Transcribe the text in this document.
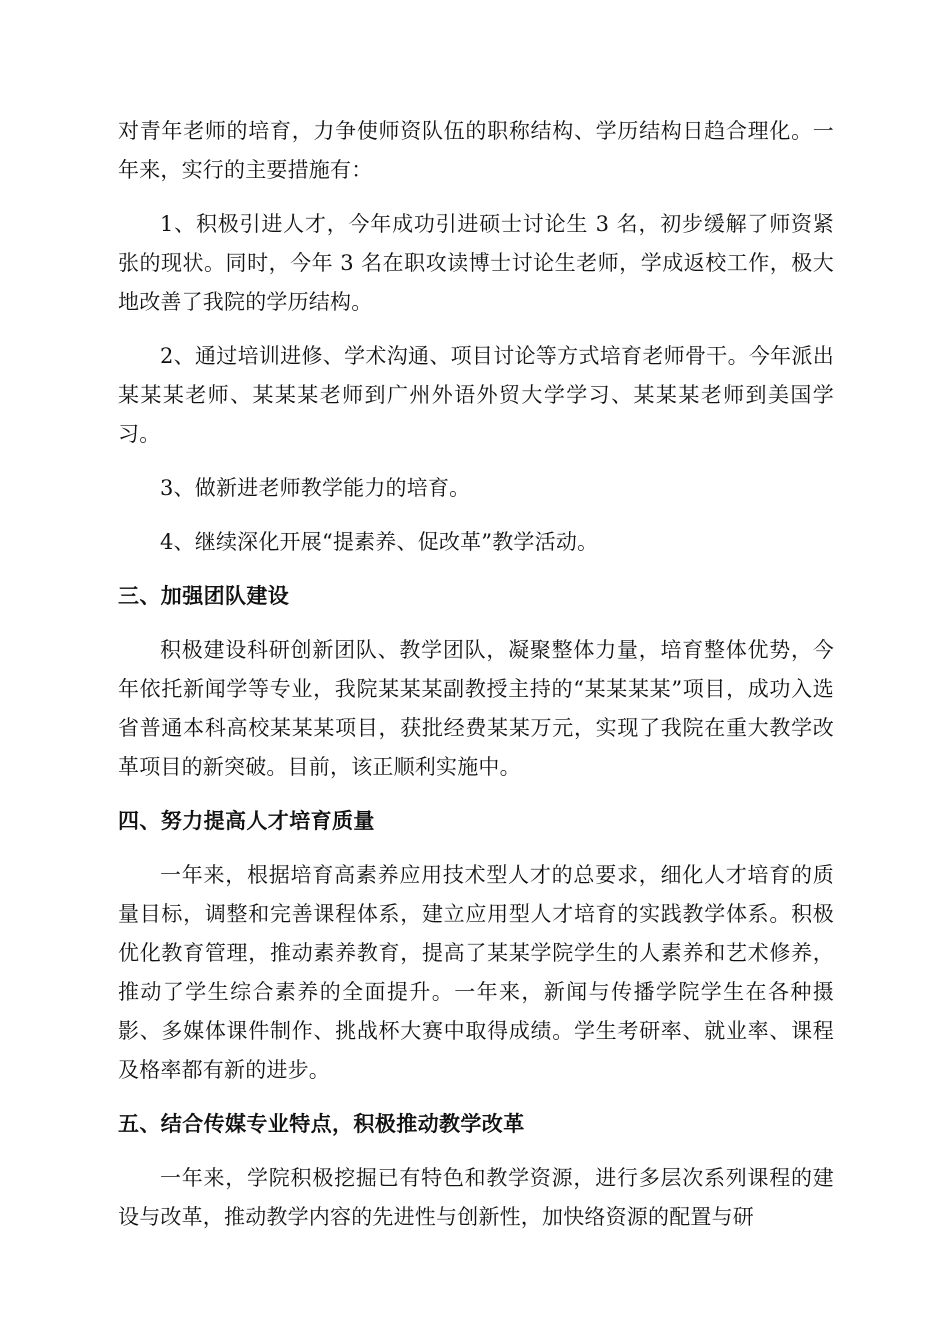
对青年老师的培育，力争使师资队伍的职称结构、学历结构日趋合理化。一年来，实行的主要措施有：

1、积极引进人才，今年成功引进硕士讨论生 3 名，初步缓解了师资紧张的现状。同时，今年 3 名在职攻读博士讨论生老师，学成返校工作，极大地改善了我院的学历结构。

2、通过培训进修、学术沟通、项目讨论等方式培育老师骨干。今年派出某某某老师、某某某老师到广州外语外贸大学学习、某某某老师到美国学习。

3、做新进老师教学能力的培育。

4、继续深化开展“提素养、促改革”教学活动。

三、加强团队建设

积极建设科研创新团队、教学团队，凝聚整体力量，培育整体优势，今年依托新闻学等专业，我院某某某副教授主持的“某某某某”项目，成功入选省普通本科高校某某某项目，获批经费某某万元，实现了我院在重大教学改革项目的新突破。目前，该正顺利实施中。

四、努力提高人才培育质量

一年来，根据培育高素养应用技术型人才的总要求，细化人才培育的质量目标，调整和完善课程体系，建立应用型人才培育的实践教学体系。积极优化教育管理，推动素养教育，提高了某某学院学生的人素养和艺术修养，推动了学生综合素养的全面提升。一年来，新闻与传播学院学生在各种摄影、多媒体课件制作、挑战杯大赛中取得成绩。学生考研率、就业率、课程及格率都有新的进步。

五、结合传媒专业特点，积极推动教学改革

一年来，学院积极挖掘已有特色和教学资源，进行多层次系列课程的建设与改革，推动教学内容的先进性与创新性，加快络资源的配置与研
